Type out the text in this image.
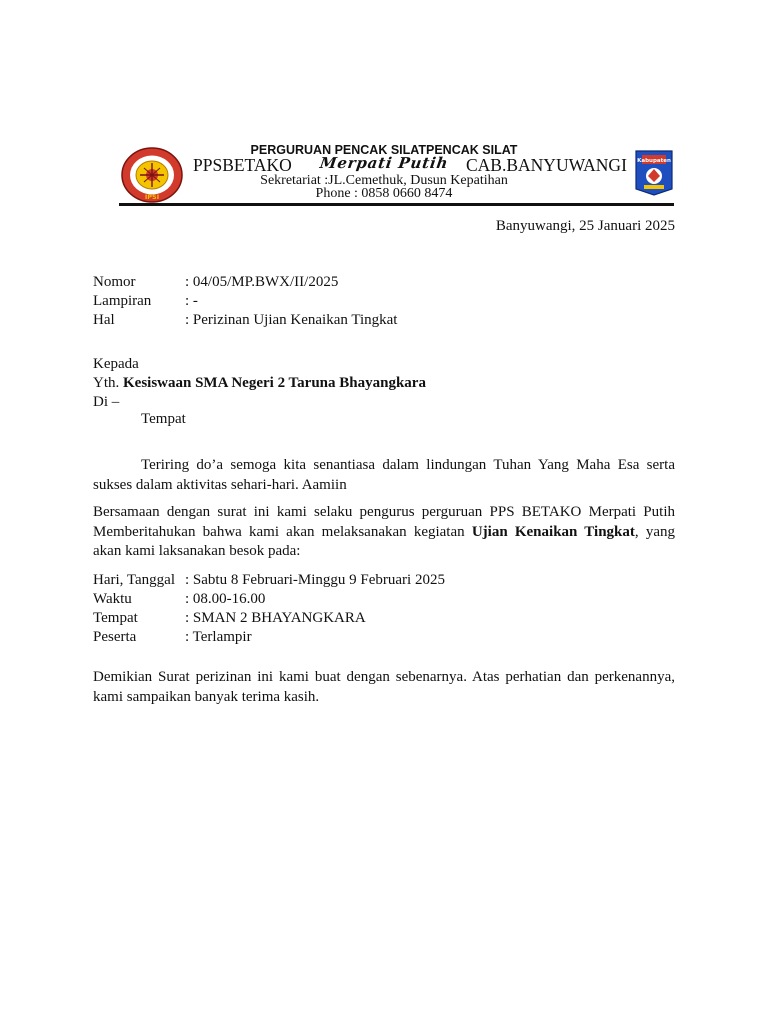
IPSI
Kabupaten
PERGURUAN PENCAK SILATPENCAK SILAT
PPSBETAKO Merpati Putih CAB.BANYUWANGI
Sekretariat :JL.Cemethuk, Dusun Kepatihan
Phone : 0858 0660 8474
Banyuwangi, 25 Januari 2025
Nomor	: 04/05/MP.BWX/II/2025
Lampiran : -
Hal	: Perizinan Ujian Kenaikan Tingkat
Kepada
Yth. Kesiswaan SMA Negeri 2 Taruna Bhayangkara
Di –
Tempat

Teriring do’a semoga kita senantiasa dalam lindungan Tuhan Yang Maha Esa serta sukses dalam aktivitas sehari-hari. Aamiin

Bersamaan dengan surat ini kami selaku pengurus perguruan PPS BETAKO Merpati Putih Memberitahukan bahwa kami akan melaksanakan kegiatan Ujian Kenaikan Tingkat, yang akan kami laksanakan besok pada:

Hari, Tanggal : Sabtu 8 Februari-Minggu 9 Februari 2025
Waktu	: 08.00-16.00
Tempat	: SMAN 2 BHAYANGKARA
Peserta	: Terlampir

Demikian Surat perizinan ini kami buat dengan sebenarnya. Atas perhatian dan perkenannya, kami sampaikan banyak terima kasih.
